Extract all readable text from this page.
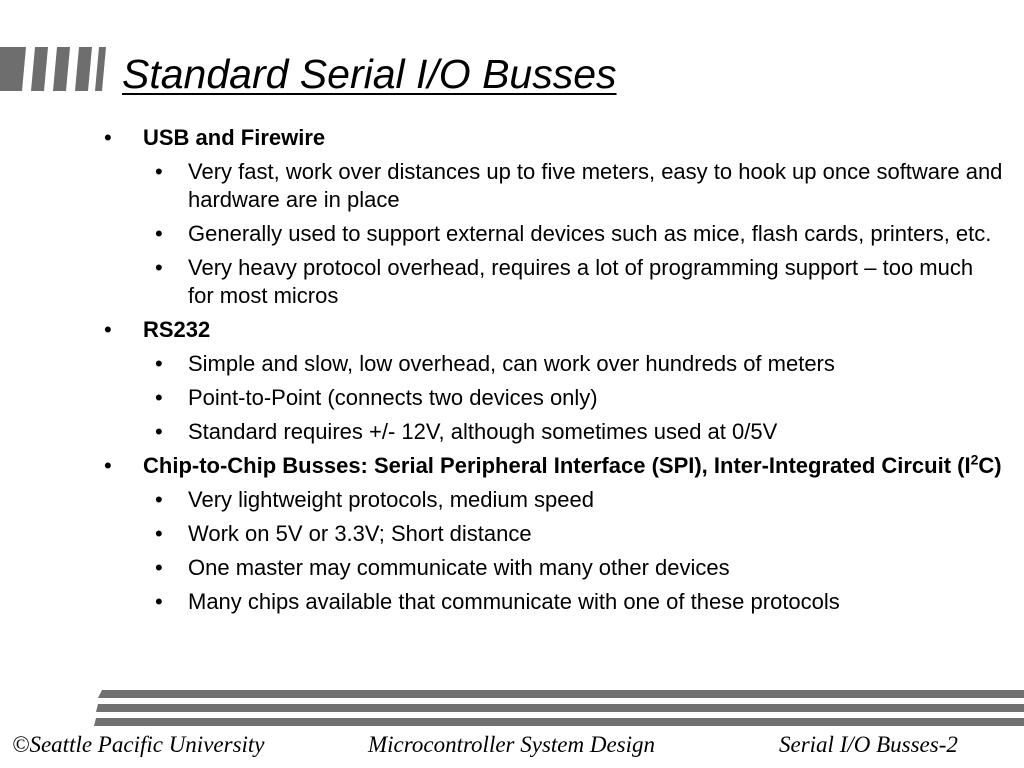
Standard Serial I/O Busses
• USB and Firewire
• Very fast, work over distances up to five meters, easy to hook up once software and hardware are in place
• Generally used to support external devices such as mice, flash cards, printers, etc.
• Very heavy protocol overhead, requires a lot of programming support – too much for most micros
• RS232
• Simple and slow, low overhead, can work over hundreds of meters
• Point-to-Point (connects two devices only)
• Standard requires +/- 12V, although sometimes used at 0/5V
• Chip-to-Chip Busses: Serial Peripheral Interface (SPI), Inter-Integrated Circuit $(I^2C)$
• Very lightweight protocols, medium speed
• Work on 5V or 3.3V; Short distance
• One master may communicate with many other devices
• Many chips available that communicate with one of these protocols
©Seattle Pacific University	Microcontroller System Design	Serial I/O Busses-2
